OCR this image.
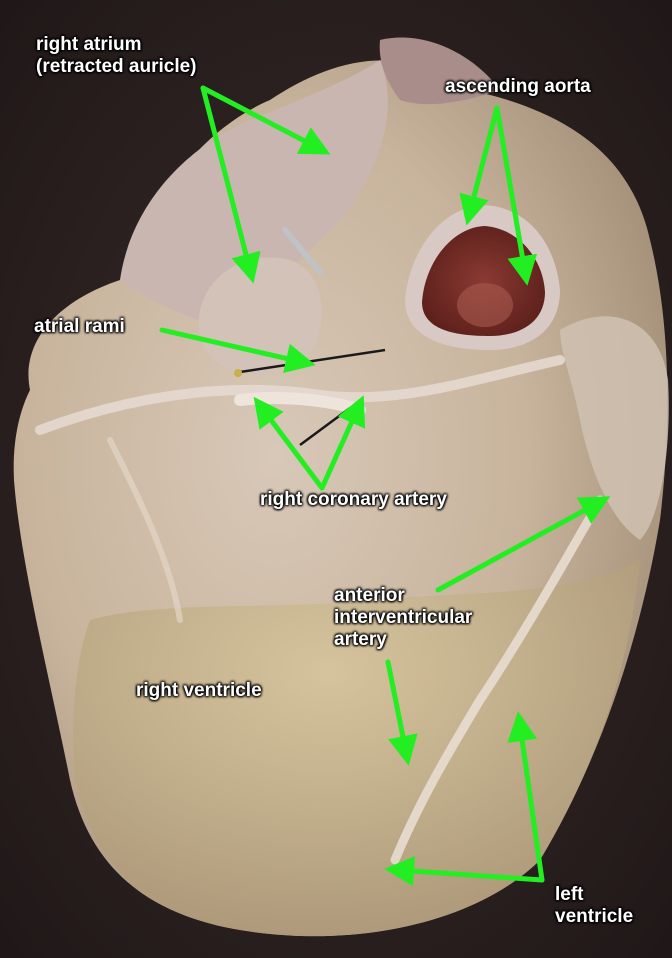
right atrium
(retracted auricle)
ascending aorta
atrial rami
right coronary artery
anterior
interventricular
artery
right ventricle
left
ventricle
